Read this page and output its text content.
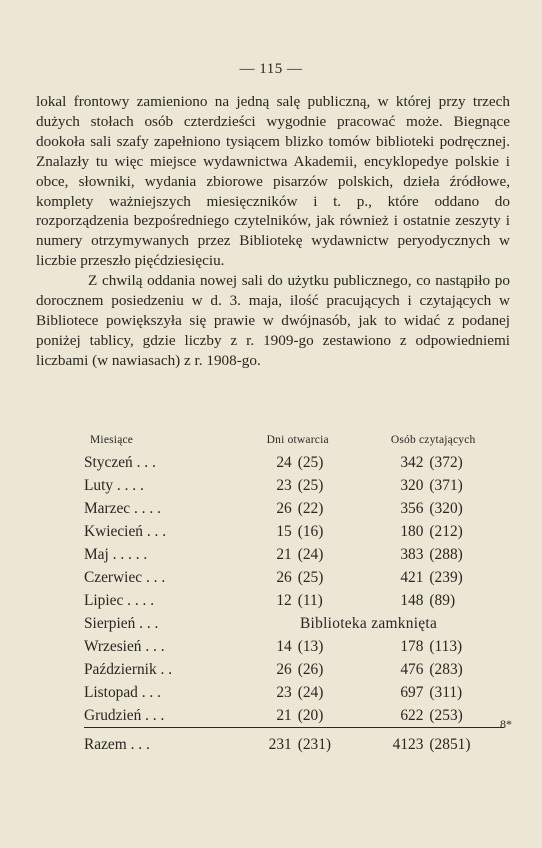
— 115 —

lokal frontowy zamieniono na jedną salę publiczną, w której przy trzech dużych stołach osób czterdzieści wygodnie pracować może. Biegnące dookoła sali szafy zapełniono tysiącem blizko tomów biblioteki podręcznej. Znalazły tu więc miejsce wydawnictwa Akademii, encyklopedye polskie i obce, słowniki, wydania zbiorowe pisarzów polskich, dzieła źródłowe, komplety ważniejszych miesięczników i t. p., które oddano do rozporządzenia bezpośredniego czytelników, jak również i ostatnie zeszyty i numery otrzymywanych przez Bibliotekę wydawnictw peryodycznych w liczbie przeszło pięćdziesięciu.

Z chwilą oddania nowej sali do użytku publicznego, co nastąpiło po dorocznem posiedzeniu w d. 3. maja, ilość pracujących i czytających w Bibliotece powiększyła się prawie w dwójnasób, jak to widać z podanej poniżej tablicy, gdzie liczby z r. 1909-go zestawiono z odpowiedniemi liczbami (w nawiasach) z r. 1908-go.

Miesiące	Dni otwarcia		Osób czytających	
Styczeń . . .	24	(25)	342	(372)
Luty . . . .	23	(25)	320	(371)
Marzec . . . .	26	(22)	356	(320)
Kwiecień . . .	15	(16)	180	(212)
Maj . . . . .	21	(24)	383	(288)
Czerwiec . . .	26	(25)	421	(239)
Lipiec . . . .	12	(11)	148	(89)
Sierpień . . .	Biblioteka zamknięta			
Wrzesień . . .	14	(13)	178	(113)
Październik . .	26	(26)	476	(283)
Listopad . . .	23	(24)	697	(311)
Grudzień . . .	21	(20)	622	(253)

Razem . . .	231	(231)	4123	(2851)
8*
